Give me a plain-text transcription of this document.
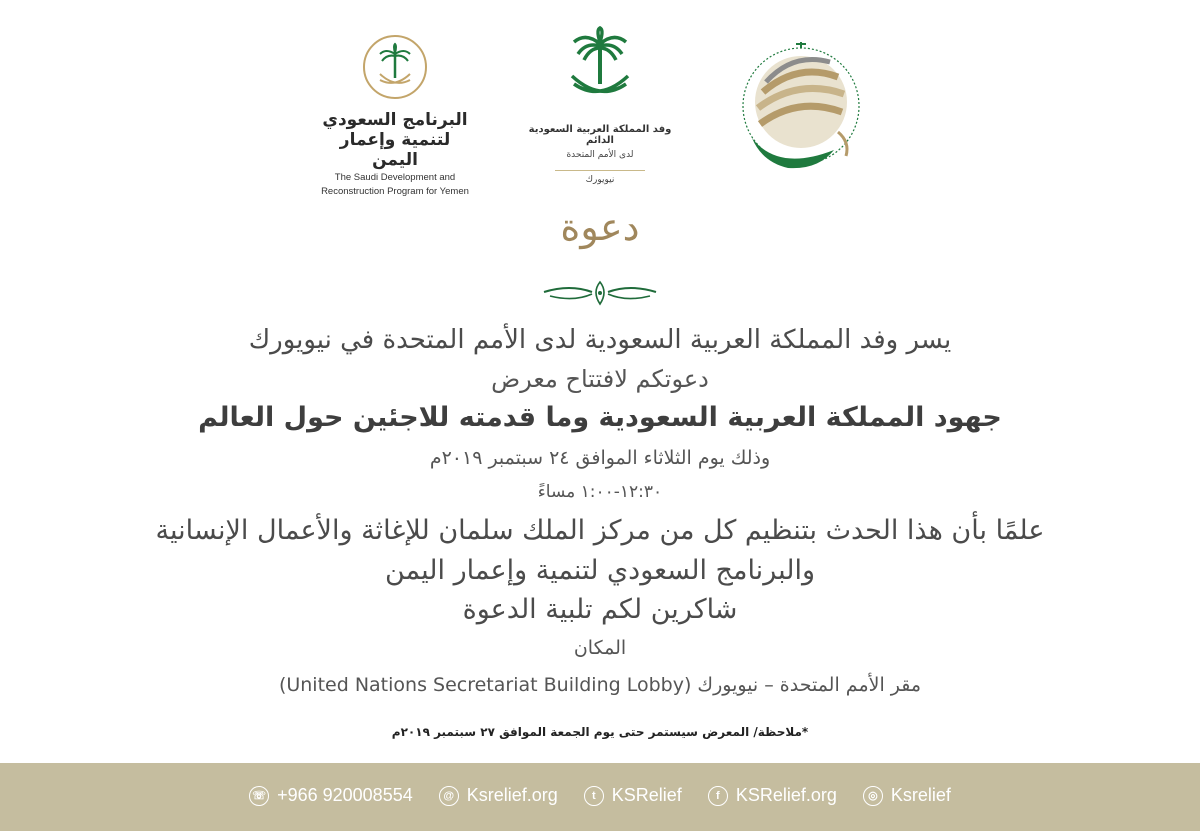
البرنامج السعودي
لتنمية وإعمار اليمن
The Saudi Development and
Reconstruction Program for Yemen
وفد المملكة العربية السعودية الدائم
لدى الأمم المتحدة
نيويورك
دعوة
يسر وفد المملكة العربية السعودية لدى الأمم المتحدة في نيويورك
دعوتكم لافتتاح معرض
جهود المملكة العربية السعودية وما قدمته للاجئين حول العالم
وذلك يوم الثلاثاء الموافق ٢٤ سبتمبر ٢٠١٩م
١٢:٣٠-١:٠٠ مساءً
علمًا بأن هذا الحدث بتنظيم كل من مركز الملك سلمان للإغاثة والأعمال الإنسانية
والبرنامج السعودي لتنمية وإعمار اليمن
شاكرين لكم تلبية الدعوة
المكان
مقر الأمم المتحدة – نيويورك (United Nations Secretariat Building Lobby)
*ملاحظة/ المعرض سيستمر حتى يوم الجمعة الموافق ٢٧ سبتمبر ٢٠١٩م
☏ +966 920008554	@ Ksrelief.org	t KSRelief	f KSRelief.org	◎ Ksrelief
